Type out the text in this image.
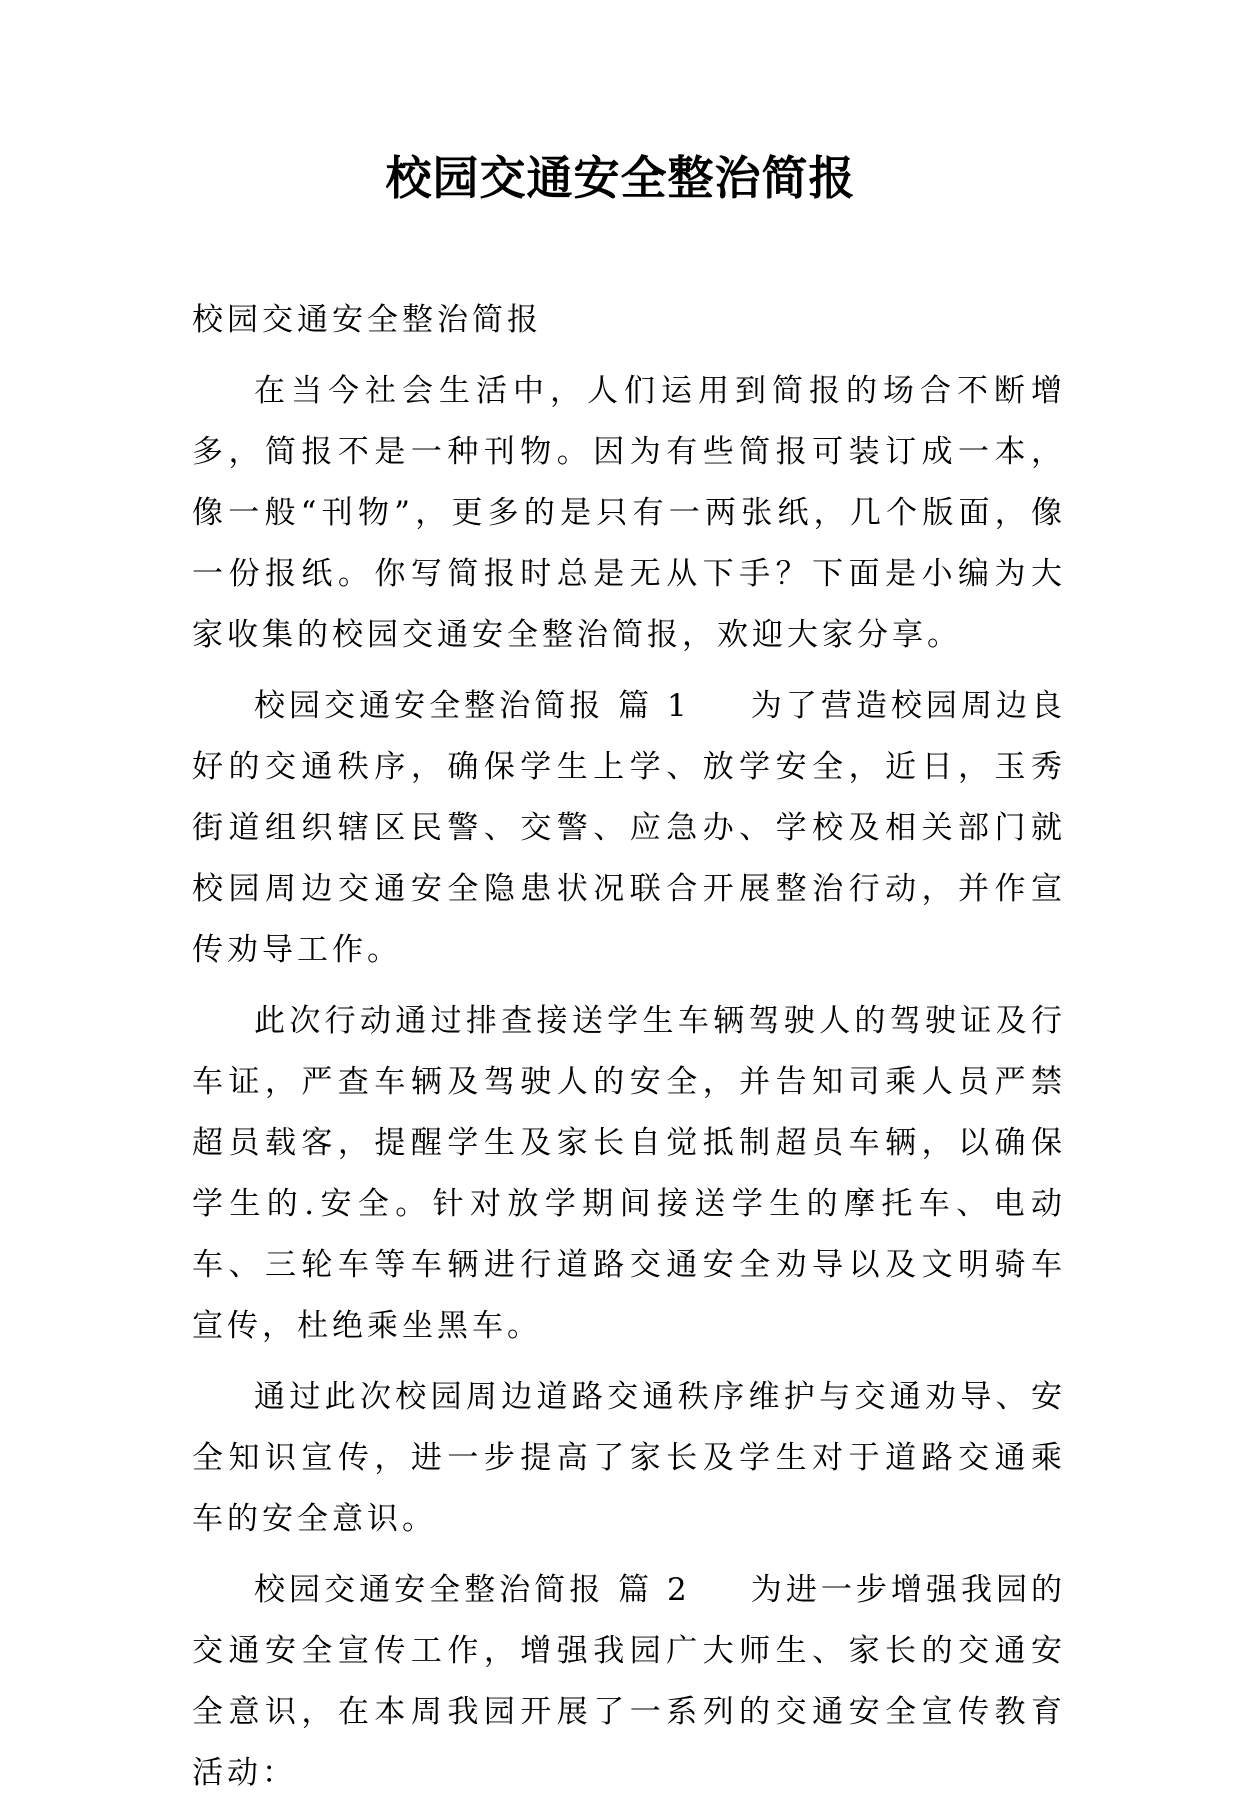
校园交通安全整治简报

校园交通安全整治简报

在当今社会生活中，人们运用到简报的场合不断增多，简报不是一种刊物。因为有些简报可装订成一本，像一般“刊物”，更多的是只有一两张纸，几个版面，像一份报纸。你写简报时总是无从下手？下面是小编为大家收集的校园交通安全整治简报，欢迎大家分享。

校园交通安全整治简报 篇 1 为了营造校园周边良好的交通秩序，确保学生上学、放学安全，近日，玉秀街道组织辖区民警、交警、应急办、学校及相关部门就校园周边交通安全隐患状况联合开展整治行动，并作宣传劝导工作。

此次行动通过排查接送学生车辆驾驶人的驾驶证及行车证，严查车辆及驾驶人的安全，并告知司乘人员严禁超员载客，提醒学生及家长自觉抵制超员车辆，以确保学生的.安全。针对放学期间接送学生的摩托车、电动车、三轮车等车辆进行道路交通安全劝导以及文明骑车宣传，杜绝乘坐黑车。

通过此次校园周边道路交通秩序维护与交通劝导、安全知识宣传，进一步提高了家长及学生对于道路交通乘车的安全意识。

校园交通安全整治简报 篇 2 为进一步增强我园的交通安全宣传工作，增强我园广大师生、家长的交通安全意识，在本周我园开展了一系列的交通安全宣传教育活动：
